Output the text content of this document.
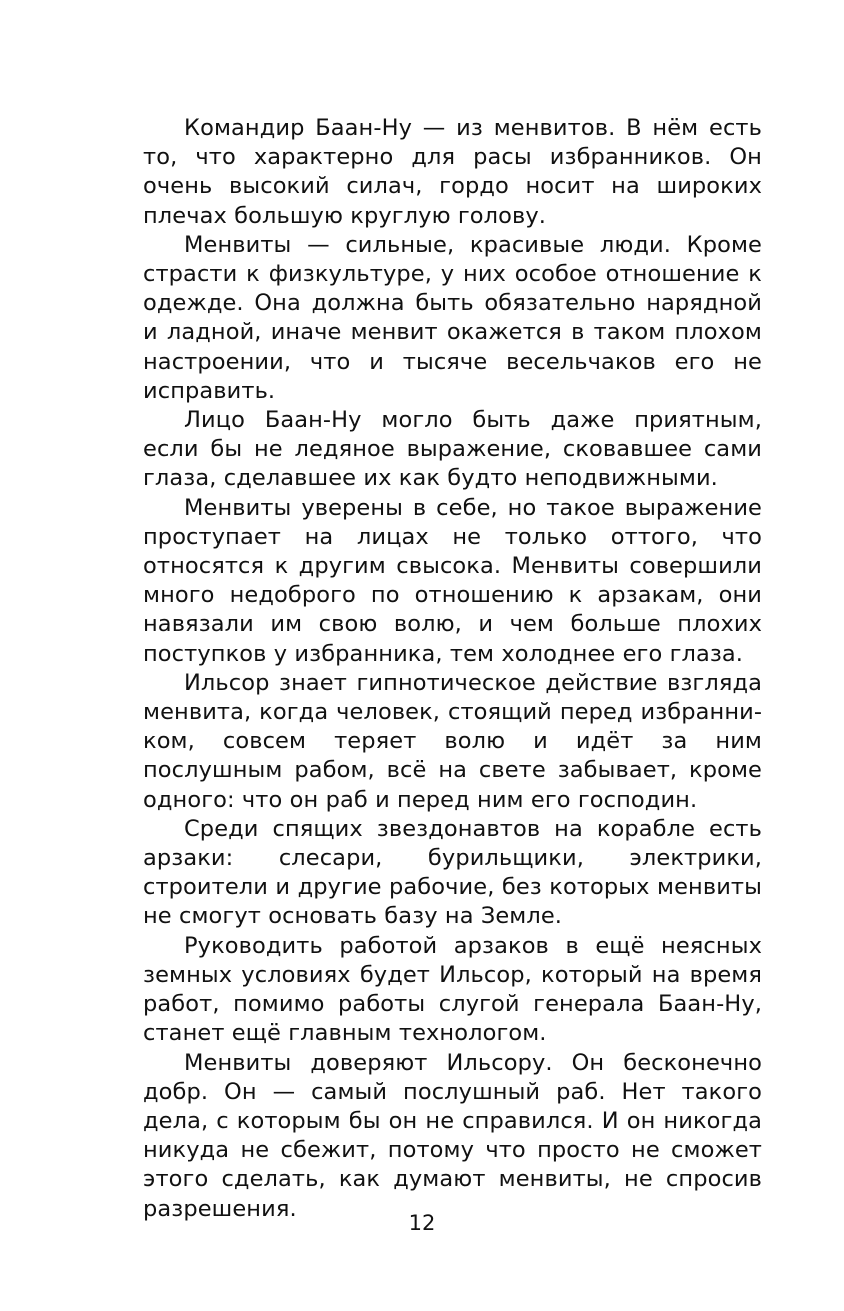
Командир Баан-Ну — из менвитов. В нём есть то, что характерно для расы избранников. Он очень высокий силач, гордо носит на широких плечах большую круглую голову.

Менвиты — сильные, красивые люди. Кроме страсти к физкультуре, у них особое отношение к одежде. Она должна быть обязательно нарядной и ладной, иначе менвит окажется в таком плохом настроении, что и тысяче весельчаков его не исправить.

Лицо Баан-Ну могло быть даже приятным, если бы не ледяное выражение, сковавшее сами глаза, сделавшее их как будто неподвижными.

Менвиты уверены в себе, но такое выражение проступает на лицах не только оттого, что относятся к другим свысока. Менвиты совершили много недоброго по отношению к арзакам, они навязали им свою волю, и чем больше плохих поступков у избранника, тем холоднее его глаза.

Ильсор знает гипнотическое действие взгляда менвита, когда человек, стоящий перед избранником, совсем теряет волю и идёт за ним послушным рабом, всё на свете забывает, кроме одного: что он раб и перед ним его господин.

Среди спящих звездонавтов на корабле есть арзаки: слесари, бурильщики, электрики, строители и другие рабочие, без которых менвиты не смогут основать базу на Земле.

Руководить работой арзаков в ещё неясных земных условиях будет Ильсор, который на время работ, помимо работы слугой генерала Баан-Ну, станет ещё главным технологом.

Менвиты доверяют Ильсору. Он бесконечно добр. Он — самый послушный раб. Нет такого дела, с которым бы он не справился. И он никогда никуда не сбежит, потому что просто не сможет этого сделать, как думают менвиты, не спросив разрешения.

12
